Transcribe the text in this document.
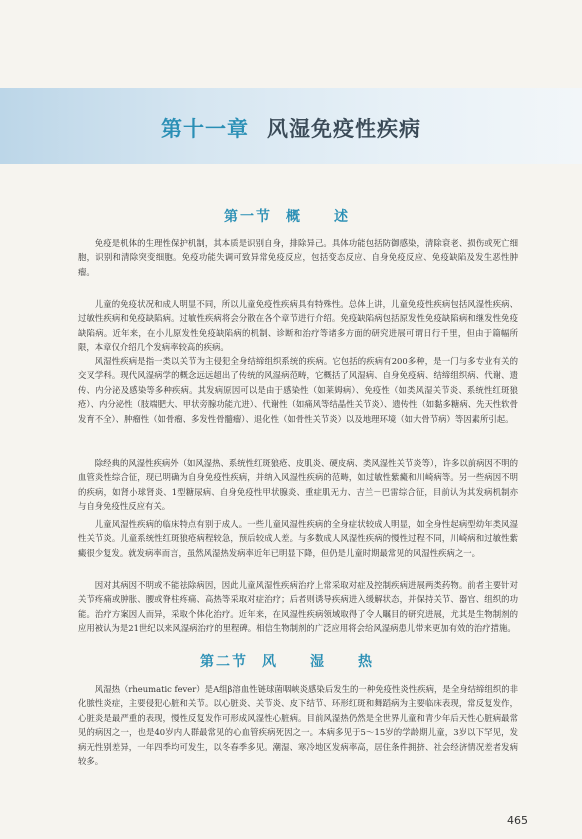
第十一章 风湿免疫性疾病
第一节 概　述

免疫是机体的生理性保护机制，其本质是识别自身，排除异己。具体功能包括防御感染，清除衰老、损伤或死亡细胞，识别和清除突变细胞。免疫功能失调可致异常免疫反应，包括变态反应、自身免疫反应、免疫缺陷及发生恶性肿瘤。

儿童的免疫状况和成人明显不同，所以儿童免疫性疾病具有特殊性。总体上讲，儿童免疫性疾病包括风湿性疾病、过敏性疾病和免疫缺陷病。过敏性疾病将会分散在各个章节进行介绍。免疫缺陷病包括原发性免疫缺陷病和继发性免疫缺陷病。近年来，在小儿原发性免疫缺陷病的机制、诊断和治疗等诸多方面的研究进展可谓日行千里，但由于篇幅所限，本章仅介绍几个发病率较高的疾病。

风湿性疾病是指一类以关节为主侵犯全身结缔组织系统的疾病。它包括的疾病有200多种，是一门与多专业有关的交叉学科。现代风湿病学的概念远远超出了传统的风湿病范畴，它概括了风湿病、自身免疫病、结缔组织病、代谢、遗传、内分泌及感染等多种疾病。其发病原因可以是由于感染性（如莱姆病）、免疫性（如类风湿关节炎、系统性红斑狼疮）、内分泌性（肢端肥大、甲状旁腺功能亢进）、代谢性（如痛风等结晶性关节炎）、遗传性（如黏多糖病、先天性软骨发育不全）、肿瘤性（如骨瘤、多发性骨髓瘤）、退化性（如骨性关节炎）以及地理环境（如大骨节病）等因素所引起。

除经典的风湿性疾病外（如风湿热、系统性红斑狼疮、皮肌炎、硬皮病、类风湿性关节炎等），许多以前病因不明的血管炎性综合征，现已明确为自身免疫性疾病，并纳入风湿性疾病的范畴，如过敏性紫癜和川崎病等。另一些病因不明的疾病，如肾小球肾炎、1型糖尿病、自身免疫性甲状腺炎、重症肌无力、吉兰－巴雷综合征，目前认为其发病机制亦与自身免疫性反应有关。

儿童风湿性疾病的临床特点有别于成人。一些儿童风湿性疾病的全身症状较成人明显，如全身性起病型幼年类风湿性关节炎。儿童系统性红斑狼疮病程较急，预后较成人差。与多数成人风湿性疾病的慢性过程不同，川崎病和过敏性紫癜很少复发。就发病率而言，虽然风湿热发病率近年已明显下降，但仍是儿童时期最常见的风湿性疾病之一。

因对其病因不明或不能祛除病因，因此儿童风湿性疾病治疗上常采取对症及控制疾病进展两类药物。前者主要针对关节疼痛或肿胀、腰或脊柱疼痛、高热等采取对症治疗；后者则诱导疾病进入缓解状态，并保持关节、器官、组织的功能。治疗方案因人而异，采取个体化治疗。近年来，在风湿性疾病领域取得了令人瞩目的研究进展，尤其是生物制剂的应用被认为是21世纪以来风湿病治疗的里程碑。相信生物制剂的广泛应用将会给风湿病患儿带来更加有效的治疗措施。

第二节 风　湿　热

风湿热（rheumatic fever）是A组β溶血性链球菌咽峡炎感染后发生的一种免疫性炎性疾病，是全身结缔组织的非化脓性炎症，主要侵犯心脏和关节。以心脏炎、关节炎、皮下结节、环形红斑和舞蹈病为主要临床表现，常反复发作，心脏炎是最严重的表现，慢性反复发作可形成风湿性心脏病。目前风湿热仍然是全世界儿童和青少年后天性心脏病最常见的病因之一，也是40岁内人群最常见的心血管疾病死因之一。本病多见于5～15岁的学龄期儿童，3岁以下罕见，发病无性别差异，一年四季均可发生，以冬春季多见。潮湿、寒冷地区发病率高，居住条件拥挤、社会经济情况差者发病较多。

465
